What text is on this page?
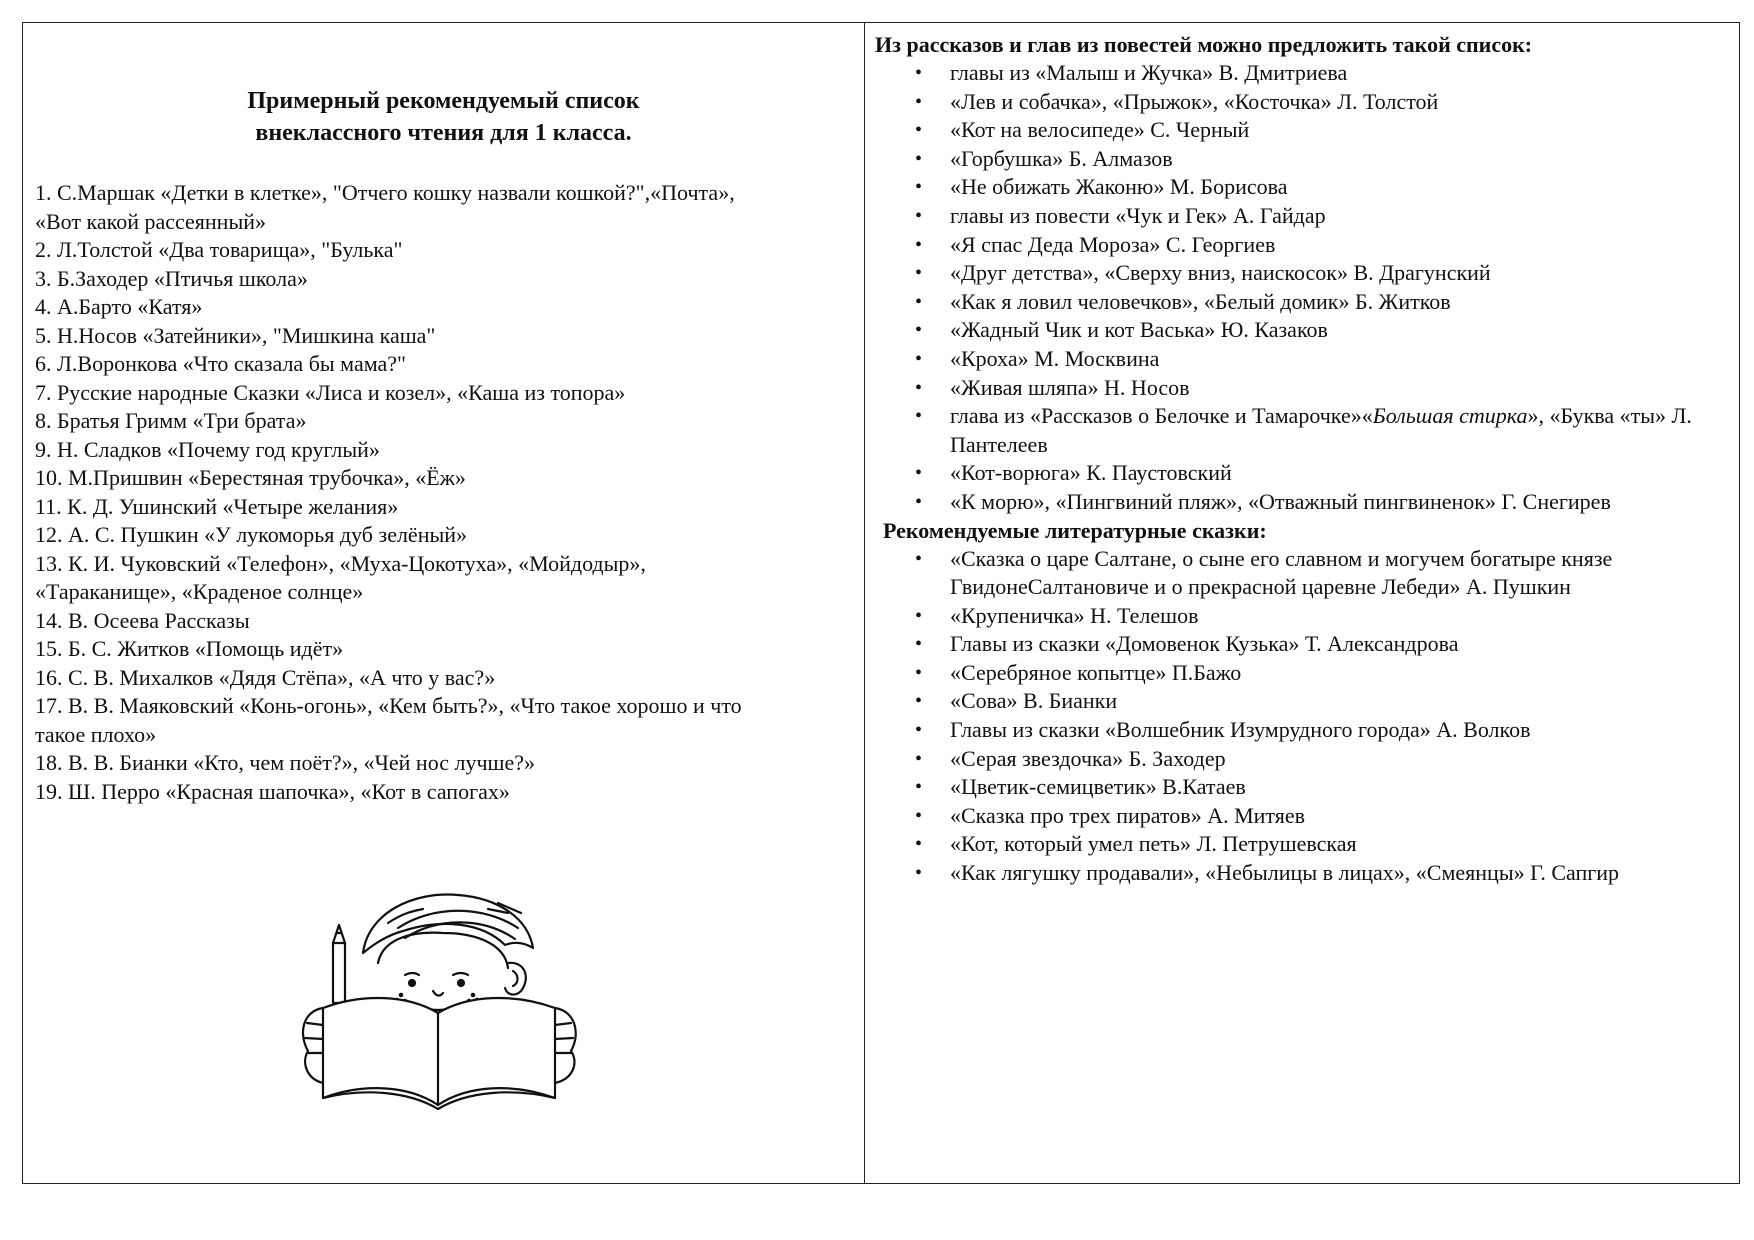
Примерный рекомендуемый список
внеклассного чтения для 1 класса.
1. С.Маршак «Детки в клетке», "Отчего кошку назвали кошкой?",«Почта»,
«Вот какой рассеянный»
2. Л.Толстой «Два товарища», "Булька"
3. Б.Заходер «Птичья школа»
4. А.Барто «Катя»
5. Н.Носов «Затейники», "Мишкина каша"
6. Л.Воронкова «Что сказала бы мама?"
7. Русские народные Сказки «Лиса и козел», «Каша из топора»
8. Братья Гримм «Три брата»
9. Н. Сладков «Почему год круглый»
10. М.Пришвин «Берестяная трубочка», «Ёж»
11. К. Д. Ушинский «Четыре желания»
12. А. С. Пушкин «У лукоморья дуб зелёный»
13. К. И. Чуковский «Телефон», «Муха-Цокотуха», «Мойдодыр»,
«Тараканище», «Краденое солнце»
14. В. Осеева Рассказы
15. Б. С. Житков «Помощь идёт»
16. С. В. Михалков «Дядя Стёпа», «А что у вас?»
17. В. В. Маяковский «Конь-огонь», «Кем быть?», «Что такое хорошо и что
такое плохо»
18. В. В. Бианки «Кто, чем поёт?», «Чей нос лучше?»
19. Ш. Перро «Красная шапочка», «Кот в сапогах»
Из рассказов и глав из повестей можно предложить такой список:
• главы из «Малыш и Жучка» В. Дмитриева
• «Лев и собачка», «Прыжок», «Косточка» Л. Толстой
• «Кот на велосипеде» С. Черный
• «Горбушка» Б. Алмазов
• «Не обижать Жаконю» М. Борисова
• главы из повести «Чук и Гек» А. Гайдар
• «Я спас Деда Мороза» С. Георгиев
• «Друг детства», «Сверху вниз, наискосок» В. Драгунский
• «Как я ловил человечков», «Белый домик» Б. Житков
• «Жадный Чик и кот Васька» Ю. Казаков
• «Кроха» М. Москвина
• «Живая шляпа» Н. Носов
• глава из «Рассказов о Белочке и Тамарочке»«Большая стирка», «Буква «ты» Л. Пантелеев
• «Кот-ворюга» К. Паустовский
• «К морю», «Пингвиний пляж», «Отважный пингвиненок» Г. Снегирев
Рекомендуемые литературные сказки:
• «Сказка о царе Салтане, о сыне его славном и могучем богатыре князе ГвидонеСалтановиче и о прекрасной царевне Лебеди» А. Пушкин
• «Крупеничка» Н. Телешов
• Главы из сказки «Домовенок Кузька» Т. Александрова
• «Серебряное копытце» П.Бажо
• «Сова» В. Бианки
• Главы из сказки «Волшебник Изумрудного города» А. Волков
• «Серая звездочка» Б. Заходер
• «Цветик-семицветик» В.Катаев
• «Сказка про трех пиратов» А. Митяев
• «Кот, который умел петь» Л. Петрушевская
• «Как лягушку продавали», «Небылицы в лицах», «Смеянцы» Г. Сапгир
